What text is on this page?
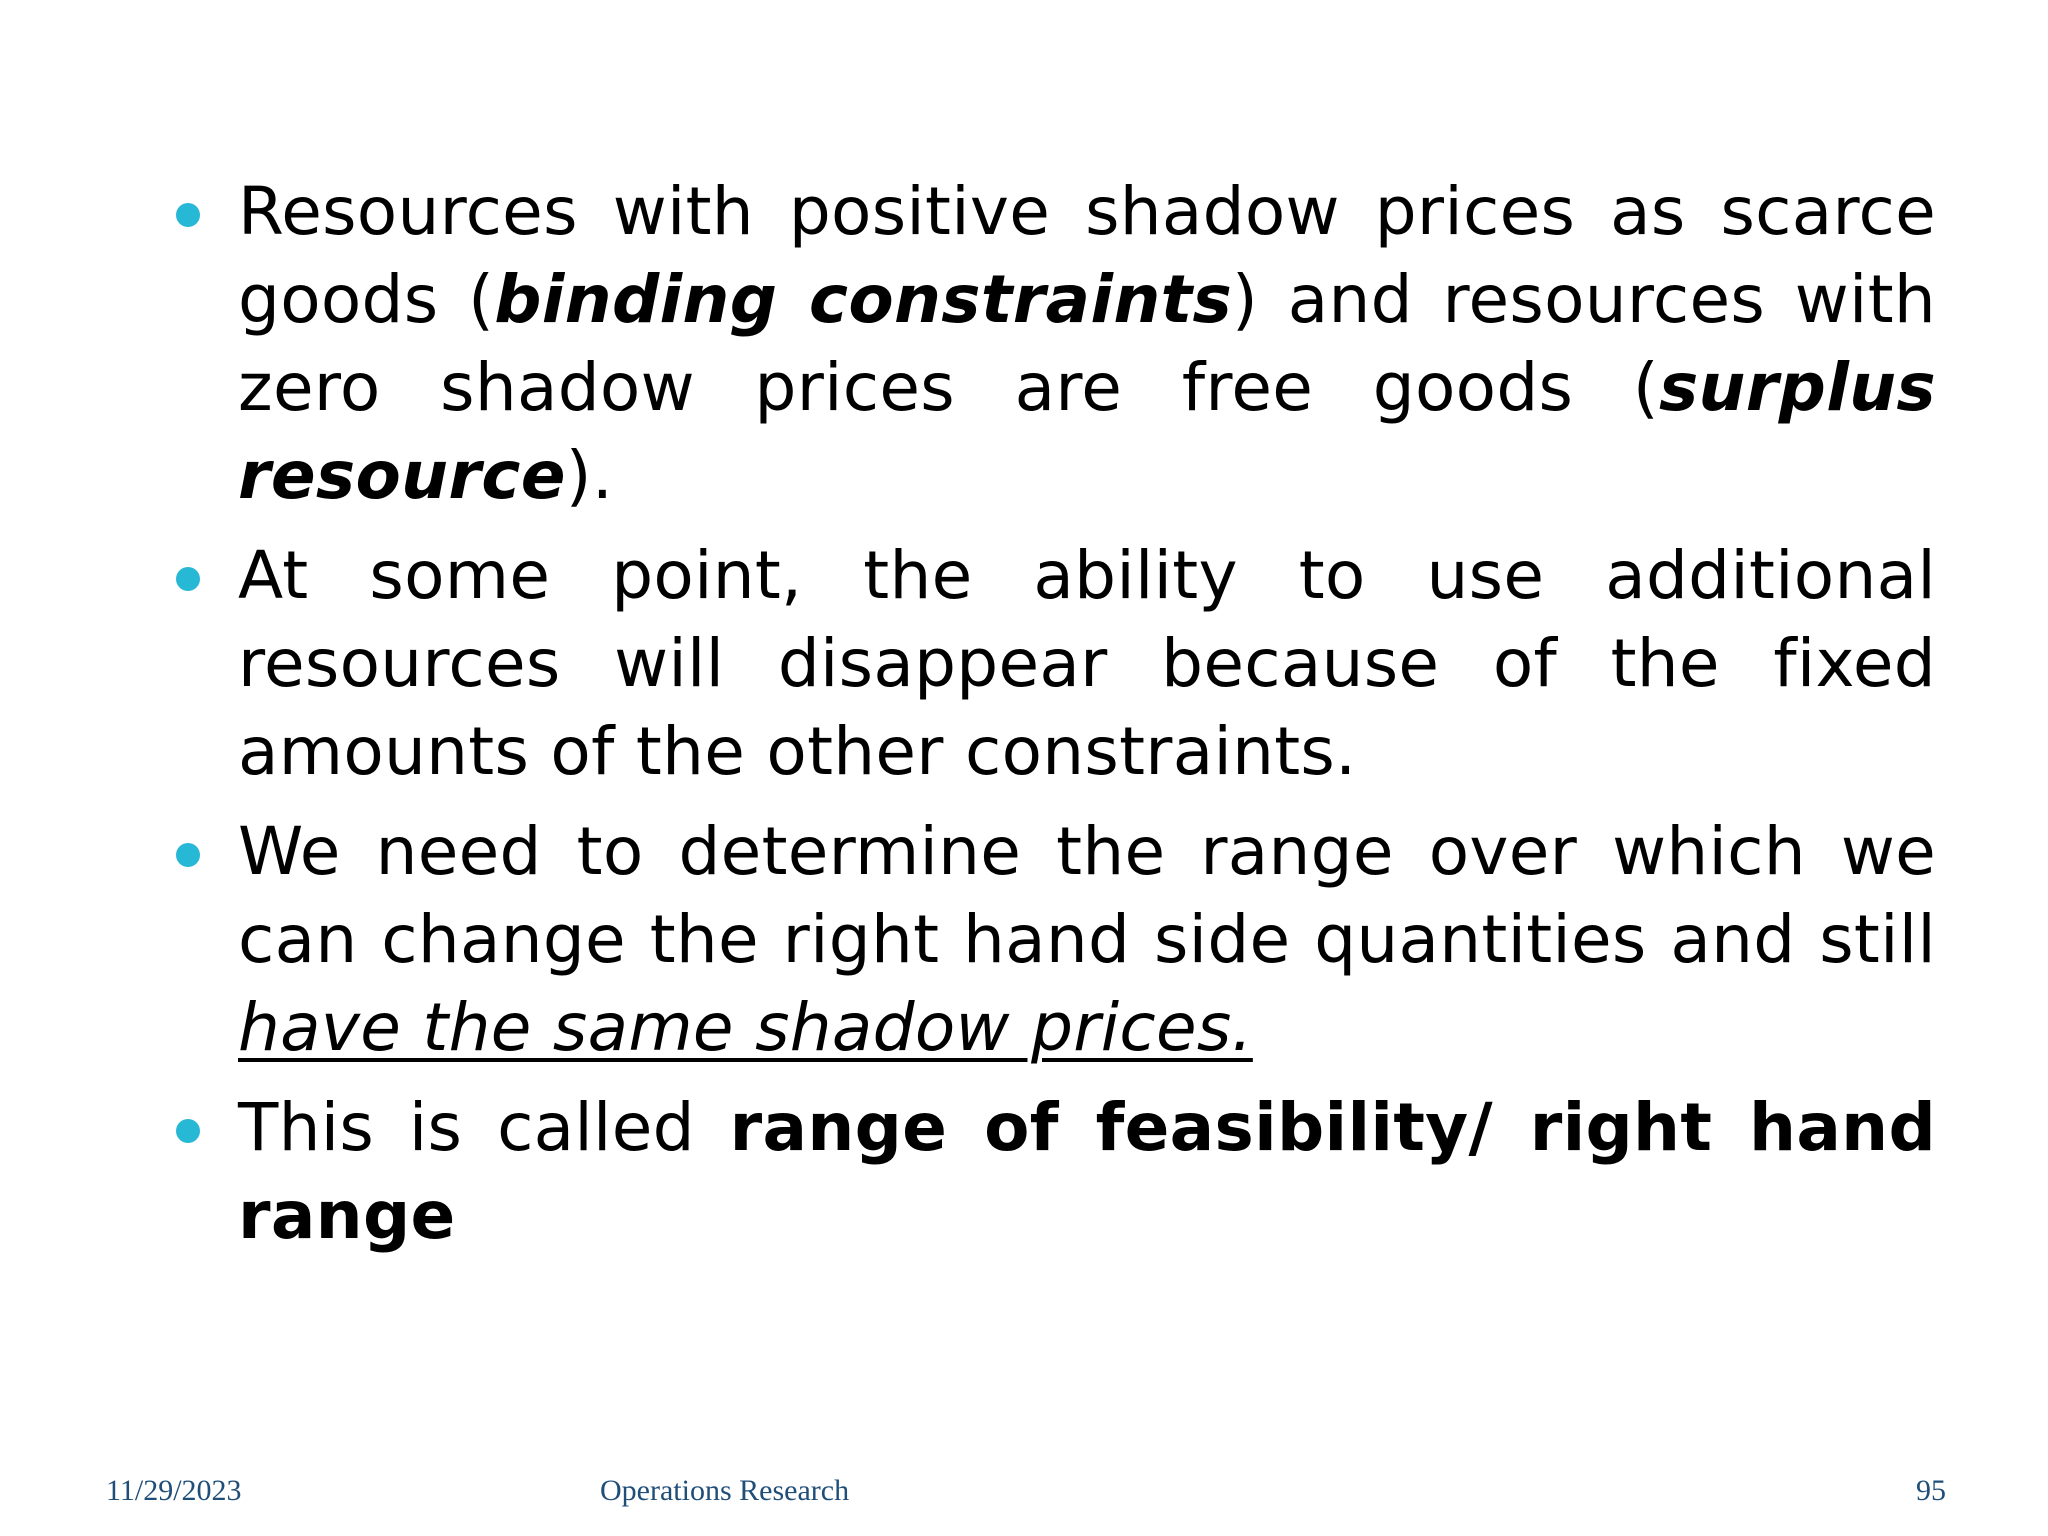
Resources with positive shadow prices as scarce goods (binding constraints) and resources with zero shadow prices are free goods (surplus resource).
At some point, the ability to use additional resources will disappear because of the fixed amounts of the other constraints.
We need to determine the range over which we can change the right hand side quantities and still have the same shadow prices.
This is called range of feasibility/ right hand range
11/29/2023	Operations Research	95
